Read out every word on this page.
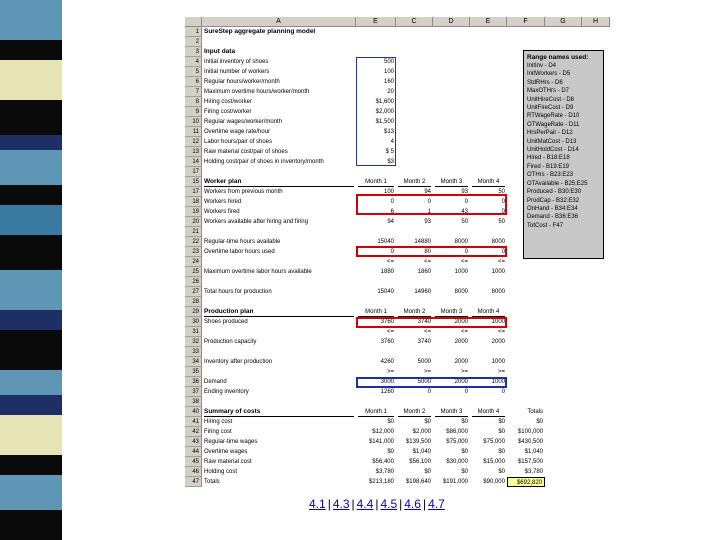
A	E	C	D	E	F	G	H
1 SureStep aggregate planning model
2
3 Input data
4 Initial inventory of shoes	500
5 Initial number of workers	100
6 Regular hours/worker/month	160
7 Maximum overtime hours/worker/month	20
8 Hiring cost/worker	$1,600
9 Firing cost/worker	$2,000
10 Regular wages/worker/month	$1,500
11 Overtime wage rate/hour	$13
12 Labor hours/pair of shoes	4
13 Raw material cost/pair of shoes	$ 5
14 Holding cost/pair of shoes in inventory/month	$3
17
15 Worker plan	Month 1	Month 2	Month 3	Month 4
17 Workers from previous month	100	94	93	50
18 Workers hired	0	0	0	0
19 Workers fired	6	1	43	0
20 Workers available after hiring and firing	94	93	50	50
21
22 Regular-time hours available	15040	14880	8000	8000
23 Overtime labor hours used	0	80	0	0
24	<=	<=	<=	<=
25 Maximum overtime labor hours available	1880	1860	1000	1000
26
27 Total hours for production	15040	14960	8000	8000
28
29 Production plan	Month 1	Month 2	Month 3	Month 4
30 Shoes produced	3760	3740	2000	1000
31	<=	<=	<=	<=
32 Production capacity	3760	3740	2000	2000
33
34 Inventory after production	4260	5000	2000	1000
35	>=	>=	>=	>=
36 Demand	3000	5000	2000	1000
37 Ending inventory	1260	0	0	0
38
40 Summary of costs	Month 1	Month 2	Month 3	Month 4	Totals
41 Hiring cost	$0	$0	$0	$0	$0
42 Firing cost	$12,000	$2,000	$86,000	$0	$100,000
43 Regular-time wages	$141,000	$139,500	$75,000	$75,000	$430,500
44 Overtime wages	$0	$1,040	$0	$0	$1,040
45 Raw material cost	$56,400	$56,100	$30,000	$15,000	$157,500
46 Holding cost	$3,780	$0	$0	$0	$3,780
47 Totals	$213,180	$198,640	$191,000	$90,000	$692,820
Range names used:
InitInv - D4
InitWorkers - D5
StdRHrs - D6
MaxOTHrs - D7
UnitHireCost - D8
UnitFireCost - D9
RTWageRate - D10
OTWageRate - D11
HrsPerPair - D12
UnitMatCost - D13
UnitHoldCost - D14
Hired - B18:E18
Fired - B19:E19
OTHrs - B23:E23
OTAvailable - B25:E25
Produced - B30:E30
ProdCap - B32:E32
OnHand - B34:E34
Demand - B36:E36
TotCost - F47
4.1 | 4.3 | 4.4 | 4.5 | 4.6 | 4.7
